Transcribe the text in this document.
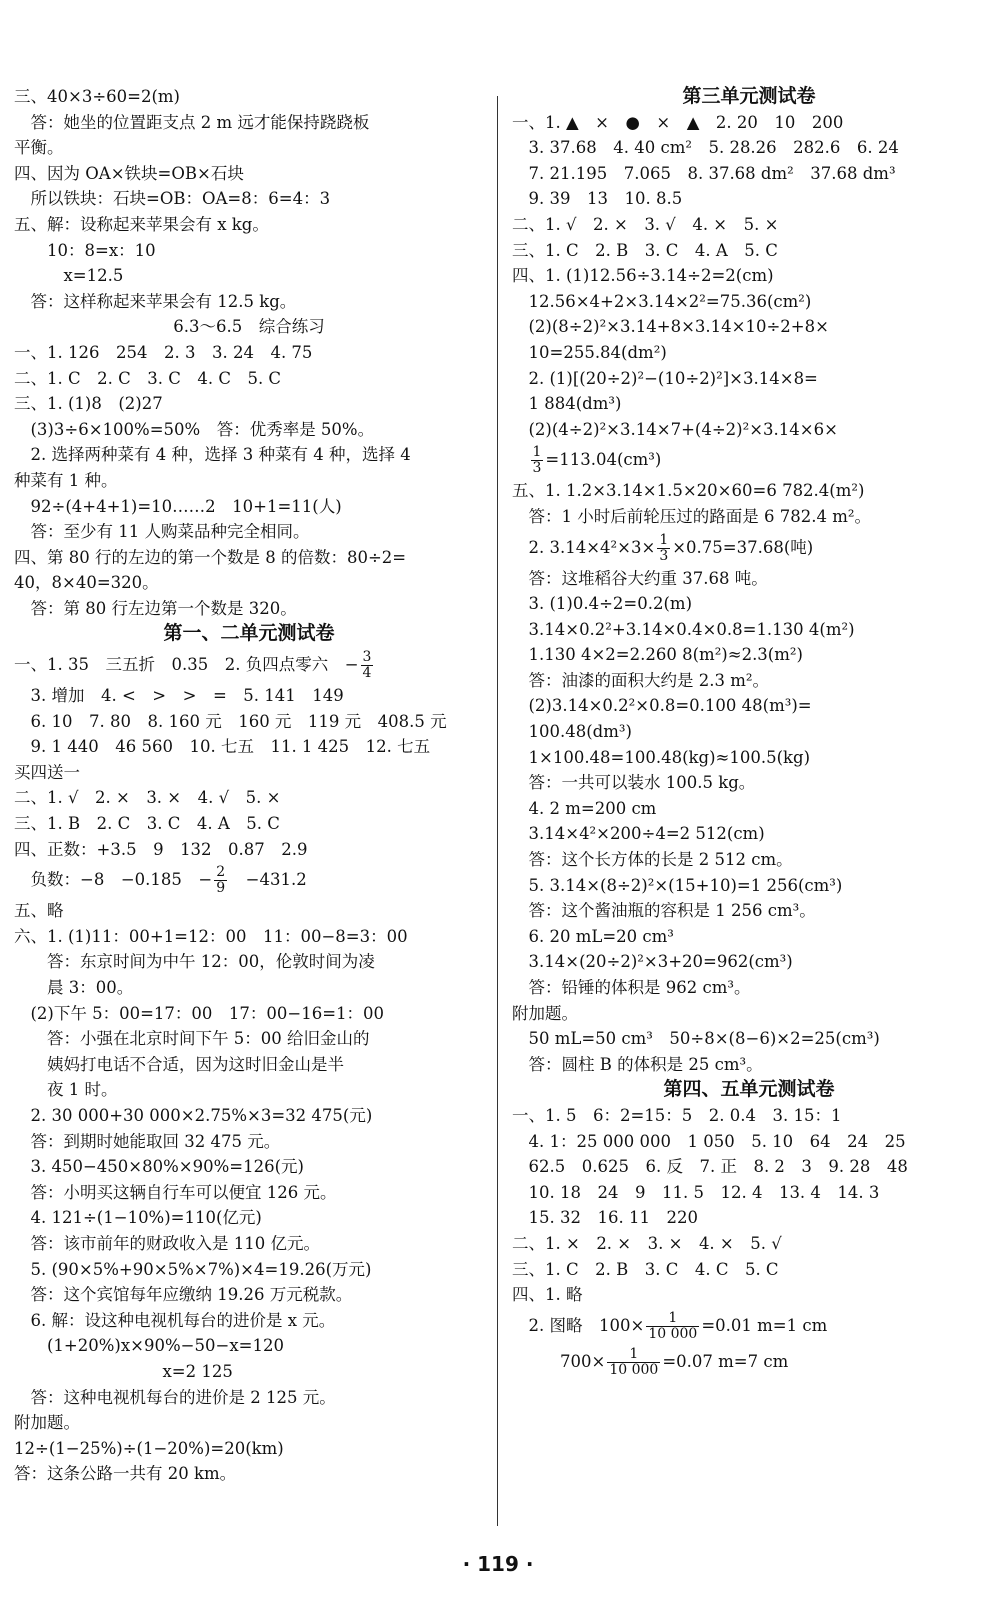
三、40×3÷60=2(m)
　答：她坐的位置距支点 2 m 远才能保持跷跷板
平衡。
四、因为 OA×铁块=OB×石块
　所以铁块：石块=OB：OA=8：6=4：3
五、解：设称起来苹果会有 x kg。
　　10：8=x：10
　　　x=12.5
　答：这样称起来苹果会有 12.5 kg。
6.3～6.5　综合练习
一、1. 126　254　2. 3　3. 24　4. 75
二、1. C　2. C　3. C　4. C　5. C
三、1. (1)8　(2)27
　(3)3÷6×100%=50%　答：优秀率是 50%。
　2. 选择两种菜有 4 种，选择 3 种菜有 4 种，选择 4
种菜有 1 种。
　92÷(4+4+1)=10……2　10+1=11(人)
　答：至少有 11 人购菜品种完全相同。
四、第 80 行的左边的第一个数是 8 的倍数：80÷2=
40，8×40=320。
　答：第 80 行左边第一个数是 320。
第一、二单元测试卷
一、1. 35　三五折　0.35　2. 负四点零六　− $\frac{3}{4}$
　3. 增加　4. <　>　>　=　5. 141　149
　6. 10　7. 80　8. 160 元　160 元　119 元　408.5 元
　9. 1 440　46 560　10. 七五　11. 1 425　12. 七五
买四送一
二、1. √　2. ×　3. ×　4. √　5. ×
三、1. B　2. C　3. C　4. A　5. C
四、正数：+3.5　9　132　0.87　2.9
　负数：−8　−0.185　− $\frac{2}{9}$ 　−431.2
五、略
六、1. (1)11：00+1=12：00　11：00−8=3：00
　　答：东京时间为中午 12：00，伦敦时间为凌
　　晨 3：00。
　(2)下午 5：00=17：00　17：00−16=1：00
　　答：小强在北京时间下午 5：00 给旧金山的
　　姨妈打电话不合适，因为这时旧金山是半
　　夜 1 时。
　2. 30 000+30 000×2.75%×3=32 475(元)
　答：到期时她能取回 32 475 元。
　3. 450−450×80%×90%=126(元)
　答：小明买这辆自行车可以便宜 126 元。
　4. 121÷(1−10%)=110(亿元)
　答：该市前年的财政收入是 110 亿元。
　5. (90×5%+90×5%×7%)×4=19.26(万元)
　答：这个宾馆每年应缴纳 19.26 万元税款。
　6. 解：设这种电视机每台的进价是 x 元。
　　(1+20%)x×90%−50−x=120
　　　　　　　　　x=2 125
　答：这种电视机每台的进价是 2 125 元。
附加题。
12÷(1−25%)÷(1−20%)=20(km)
答：这条公路一共有 20 km。
第三单元测试卷
一、1. ▲　×　●　×　▲　2. 20　10　200
　3. 37.68　4. 40 cm²　5. 28.26　282.6　6. 24
　7. 21.195　7.065　8. 37.68 dm²　37.68 dm³
　9. 39　13　10. 8.5
二、1. √　2. ×　3. √　4. ×　5. ×
三、1. C　2. B　3. C　4. A　5. C
四、1. (1)12.56÷3.14÷2=2(cm)
　12.56×4+2×3.14×2²=75.36(cm²)
　(2)(8÷2)²×3.14+8×3.14×10÷2+8×
　10=255.84(dm²)
　2. (1)[(20÷2)²−(10÷2)²]×3.14×8=
　1 884(dm³)
　(2)(4÷2)²×3.14×7+(4÷2)²×3.14×6×

$\frac{1}{3} =113.04(cm^3)$
五、1. 1.2×3.14×1.5×20×60=6 782.4(m²)
　答：1 小时后前轮压过的路面是 6 782.4 m²。
　2. $3.14\times 4^2\times 3\times \frac{1}{3} \times 0.75=37.68$(吨)
　答：这堆稻谷大约重 37.68 吨。
　3. (1)0.4÷2=0.2(m)
　3.14×0.2²+3.14×0.4×0.8=1.130 4(m²)
　1.130 4×2=2.260 8(m²)≈2.3(m²)
　答：油漆的面积大约是 2.3 m²。
　(2)3.14×0.2²×0.8=0.100 48(m³)=
　100.48(dm³)
　1×100.48=100.48(kg)≈100.5(kg)
　答：一共可以装水 100.5 kg。
　4. 2 m=200 cm
　3.14×4²×200÷4=2 512(cm)
　答：这个长方体的长是 2 512 cm。
　5. 3.14×(8÷2)²×(15+10)=1 256(cm³)
　答：这个酱油瓶的容积是 1 256 cm³。
　6. 20 mL=20 cm³
　3.14×(20÷2)²×3+20=962(cm³)
　答：铅锤的体积是 962 cm³。
附加题。
　50 mL=50 cm³　50÷8×(8−6)×2=25(cm³)
　答：圆柱 B 的体积是 25 cm³。
第四、五单元测试卷
一、1. 5　6：2=15：5　2. 0.4　3. 15：1
　4. 1：25 000 000　1 050　5. 10　64　24　25
　62.5　0.625　6. 反　7. 正　8. 2　3　9. 28　48
　10. 18　24　9　11. 5　12. 4　13. 4　14. 3
　15. 32　16. 11　220
二、1. ×　2. ×　3. ×　4. ×　5. √
三、1. C　2. B　3. C　4. C　5. C
四、1. 略
　2. 图略　$100\times \frac{1}{10 000} =0.01$ m=1 cm
$700\times \frac{1}{10 000} =0.07$ m=7 cm
· 119 ·
